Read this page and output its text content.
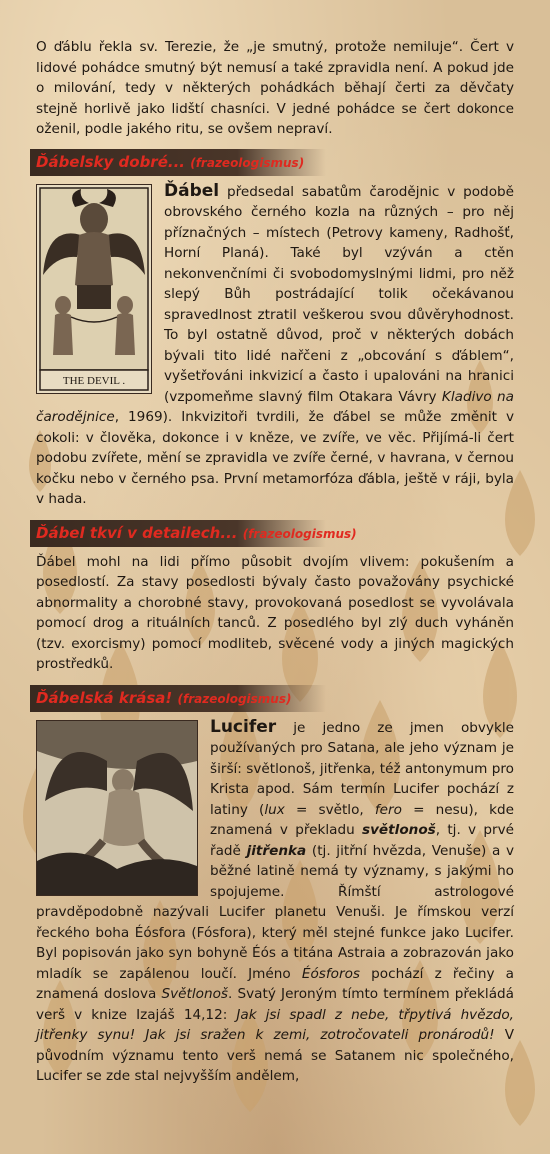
O ďáblu řekla sv. Terezie, že „je smutný, protože nemiluje“. Čert v lidové pohádce smutný být nemusí a také zpravidla není. A pokud jde o milování, tedy v některých pohádkách běhají čerti za děvčaty stejně horlivě jako lidští chasníci. V jedné pohádce se čert dokonce oženil, podle jakého ritu, se ovšem nepraví.

Ďábelsky dobré... (frazeologismus)
THE DEVIL .

Ďábel předsedal sabatům čarodějnic v podobě obrovského černého kozla na různých – pro něj příznačných – místech (Petrovy kameny, Radhošť, Horní Planá). Také byl vzýván a ctěn nekonvenčními či svobodomyslnými lidmi, pro něž slepý Bůh postrádající tolik očekávanou spravedlnost ztratil veškerou svou důvěryhodnost. To byl ostatně důvod, proč v některých dobách bývali tito lidé nařčeni z „obcování s ďáblem“, vyšetřováni inkvizicí a často i upalováni na hranici (vzpomeňme slavný film Otakara Vávry Kladivo na čarodějnice, 1969). Inkvizitoři tvrdili, že ďábel se může změnit v cokoli: v člověka, dokonce i v kněze, ve zvíře, ve věc. Přijímá-li čert podobu zvířete, mění se zpravidla ve zvíře černé, v havrana, v černou kočku nebo v černého psa. První metamorfóza ďábla, ještě v ráji, byla v hada.

Ďábel tkví v detailech... (frazeologismus)

Ďábel mohl na lidi přímo působit dvojím vlivem: pokušením a posedlostí. Za stavy posedlosti bývaly často považovány psychické abnormality a chorobné stavy, provokovaná posedlost se vyvolávala pomocí drog a rituálních tanců. Z posedlého byl zlý duch vyháněn (tzv. exorcismy) pomocí modliteb, svěcené vody a jiných magických prostředků.

Ďábelská krása! (frazeologismus)

Lucifer je jedno ze jmen obvykle používaných pro Satana, ale jeho význam je širší: světlonoš, jitřenka, též antonymum pro Krista apod. Sám termín Lucifer pochází z latiny (lux = světlo, fero = nesu), kde znamená v překladu světlonoš, tj. v prvé řadě jitřenka (tj. jitřní hvězda, Venuše) a v běžné latině nemá ty významy, s jakými ho spojujeme. Římští astrologové pravděpodobně nazývali Lucifer planetu Venuši. Je římskou verzí řeckého boha Éósfora (Fósfora), který měl stejné funkce jako Lucifer. Byl popisován jako syn bohyně Éós a titána Astraia a zobrazován jako mladík se zapálenou loučí. Jméno Éósforos pochází z řečiny a znamená doslova Světlonoš. Svatý Jeroným tímto termínem překládá verš v knize Izajáš 14,12: Jak jsi spadl z nebe, třpytivá hvězdo, jitřenky synu! Jak jsi sražen k zemi, zotročovateli pronárodů! V původním významu tento verš nemá se Satanem nic společného, Lucifer se zde stal nejvyšším andělem,
